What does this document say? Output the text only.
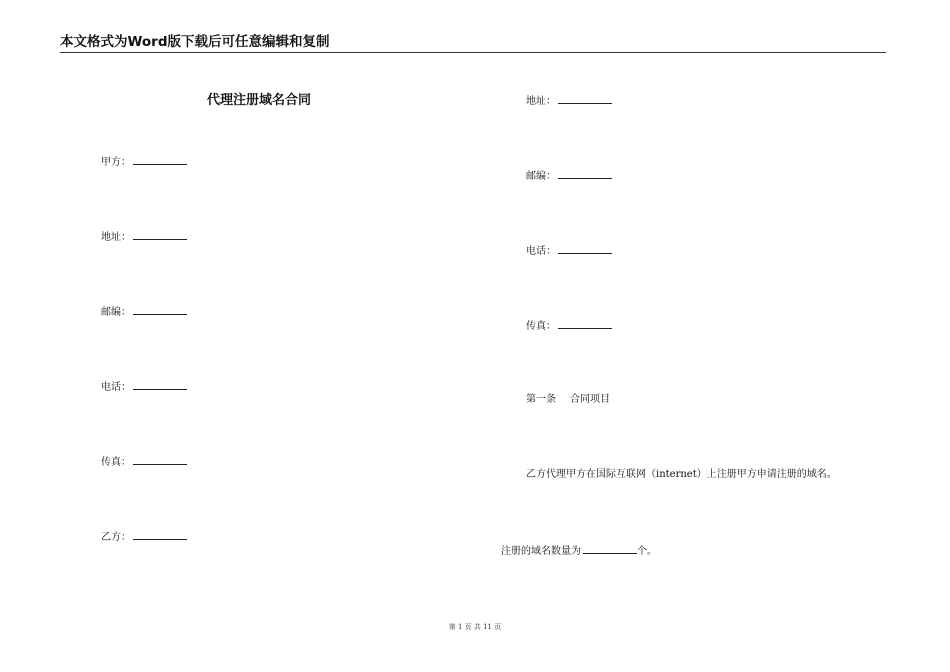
本文格式为Word版下载后可任意编辑和复制
代理注册域名合同
甲方：
地址：
邮编：
电话：
传真：
乙方：
地址：
邮编：
电话：
传真：
第一条 合同项目
乙方代理甲方在国际互联网（internet）上注册甲方申请注册的域名。
注册的域名数量为	个。
第 1 页 共 11 页
